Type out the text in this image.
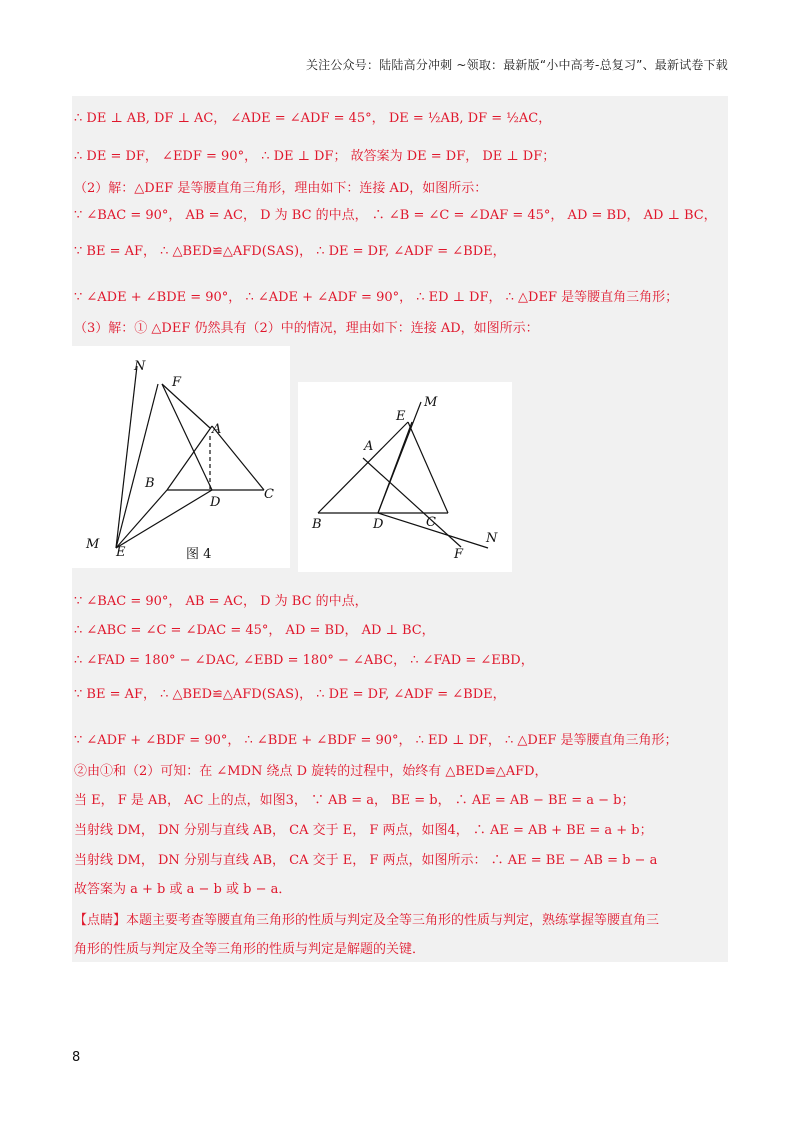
关注公众号：陆陆高分冲刺 ~领取：最新版“小中高考-总复习”、最新试卷下载
∴ DE ⊥ AB, DF ⊥ AC， ∠ADE = ∠ADF = 45°， DE = ½AB, DF = ½AC，
∴ DE = DF， ∠EDF = 90°， ∴ DE ⊥ DF； 故答案为 DE = DF， DE ⊥ DF；
（2）解：△DEF 是等腰直角三角形，理由如下：连接 AD，如图所示：
∵ ∠BAC = 90°， AB = AC， D 为 BC 的中点， ∴ ∠B = ∠C = ∠DAF = 45°， AD = BD， AD ⊥ BC，
∵ BE = AF， ∴ △BED≌△AFD(SAS)， ∴ DE = DF, ∠ADF = ∠BDE，
∵ ∠ADE + ∠BDE = 90°， ∴ ∠ADE + ∠ADF = 90°， ∴ ED ⊥ DF， ∴ △DEF 是等腰直角三角形；
（3）解：① △DEF 仍然具有（2）中的情况，理由如下：连接 AD，如图所示：
N
F
A
B
D
C
M
E	图 4
E
M
A
B	D	C
F
N
∵ ∠BAC = 90°， AB = AC， D 为 BC 的中点，
∴ ∠ABC = ∠C = ∠DAC = 45°， AD = BD， AD ⊥ BC，
∴ ∠FAD = 180° − ∠DAC, ∠EBD = 180° − ∠ABC， ∴ ∠FAD = ∠EBD，
∵ BE = AF， ∴ △BED≌△AFD(SAS)， ∴ DE = DF, ∠ADF = ∠BDE，
∵ ∠ADF + ∠BDF = 90°， ∴ ∠BDE + ∠BDF = 90°， ∴ ED ⊥ DF， ∴ △DEF 是等腰直角三角形；
②由①和（2）可知：在 ∠MDN 绕点 D 旋转的过程中，始终有 △BED≌△AFD，
当 E， F 是 AB， AC 上的点，如图3， ∵ AB = a， BE = b， ∴ AE = AB − BE = a − b；
当射线 DM， DN 分别与直线 AB， CA 交于 E， F 两点，如图4， ∴ AE = AB + BE = a + b；
当射线 DM， DN 分别与直线 AB， CA 交于 E， F 两点，如图所示： ∴ AE = BE − AB = b − a
故答案为 a + b 或 a − b 或 b − a．
【点睛】本题主要考查等腰直角三角形的性质与判定及全等三角形的性质与判定，熟练掌握等腰直角三
角形的性质与判定及全等三角形的性质与判定是解题的关键．
8
